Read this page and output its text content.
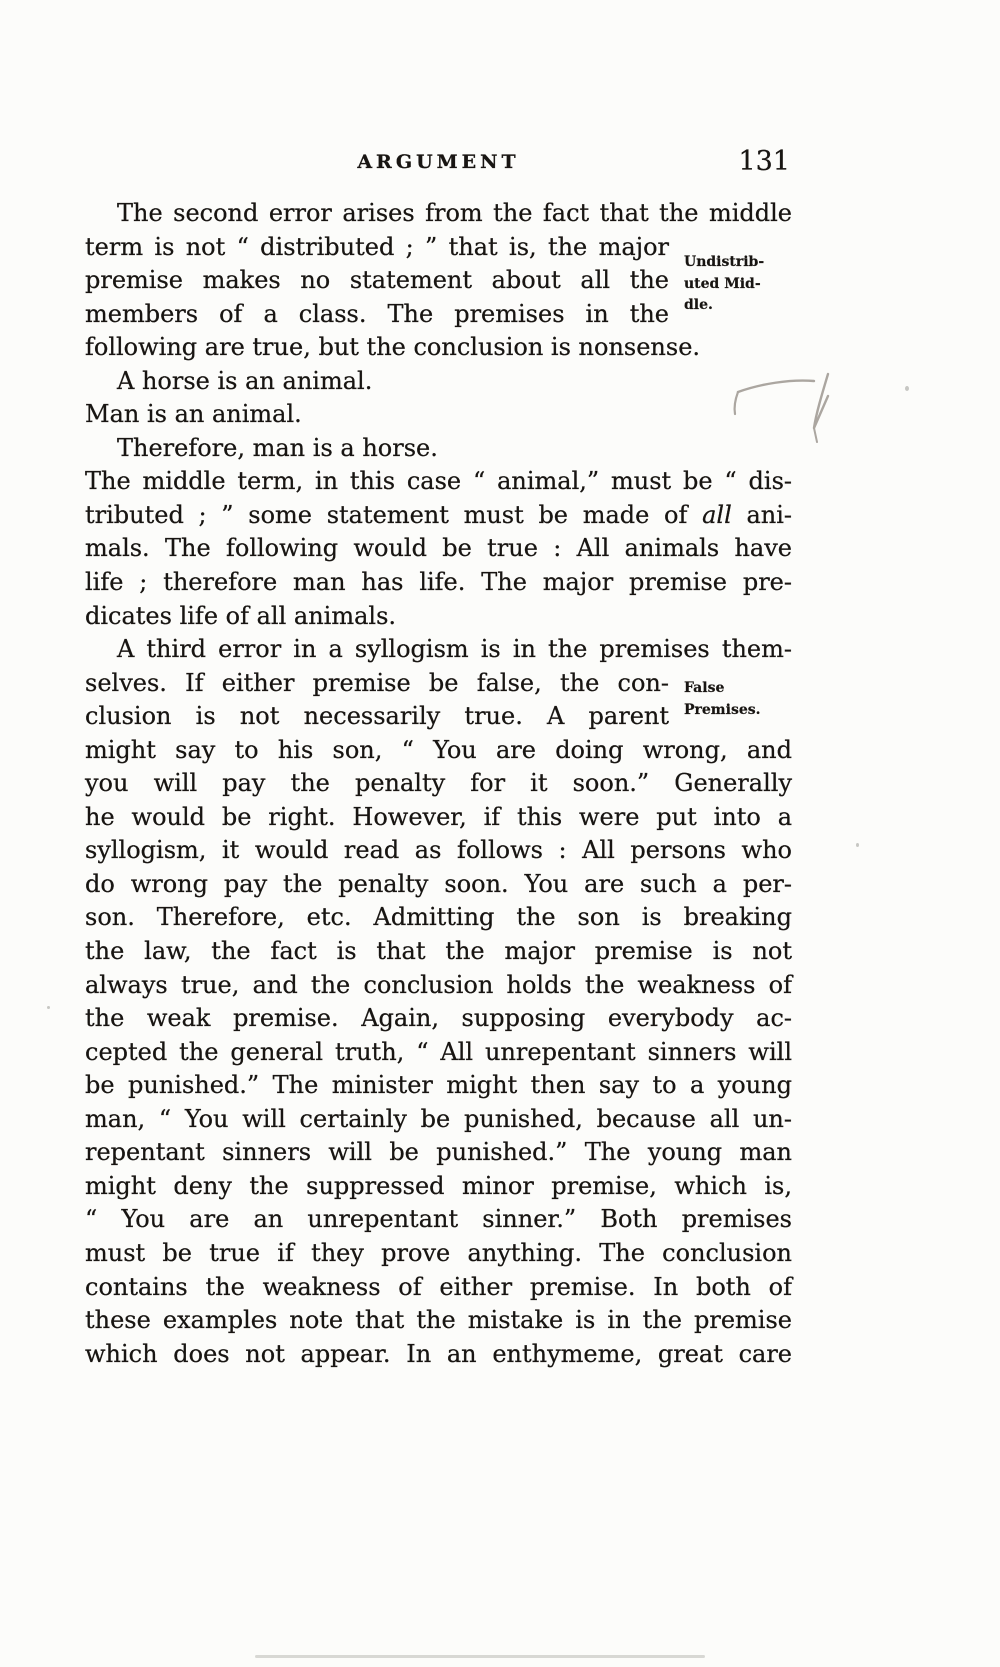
ARGUMENT	131
The second error arises from the fact that the middle
term is not “ distributed ; ” that is, the major
premise makes no statement about all the
members of a class. The premises in the
following are true, but the conclusion is nonsense.
A horse is an animal.
Man is an animal.
Therefore, man is a horse.
The middle term, in this case “ animal,” must be “ dis-
tributed ; ” some statement must be made of all ani-
mals. The following would be true : All animals have
life ; therefore man has life. The major premise pre-
dicates life of all animals.
A third error in a syllogism is in the premises them-
selves. If either premise be false, the con-
clusion is not necessarily true. A parent
might say to his son, “ You are doing wrong, and
you will pay the penalty for it soon.” Generally
he would be right. However, if this were put into a
syllogism, it would read as follows : All persons who
do wrong pay the penalty soon. You are such a per-
son. Therefore, etc. Admitting the son is breaking
the law, the fact is that the major premise is not
always true, and the conclusion holds the weakness of
the weak premise. Again, supposing everybody ac-
cepted the general truth, “ All unrepentant sinners will
be punished.” The minister might then say to a young
man, “ You will certainly be punished, because all un-
repentant sinners will be punished.” The young man
might deny the suppressed minor premise, which is,
“ You are an unrepentant sinner.” Both premises
must be true if they prove anything. The conclusion
contains the weakness of either premise. In both of
these examples note that the mistake is in the premise
which does not appear. In an enthymeme, great care
Undistrib-
uted Mid-
dle.
False
Premises.
